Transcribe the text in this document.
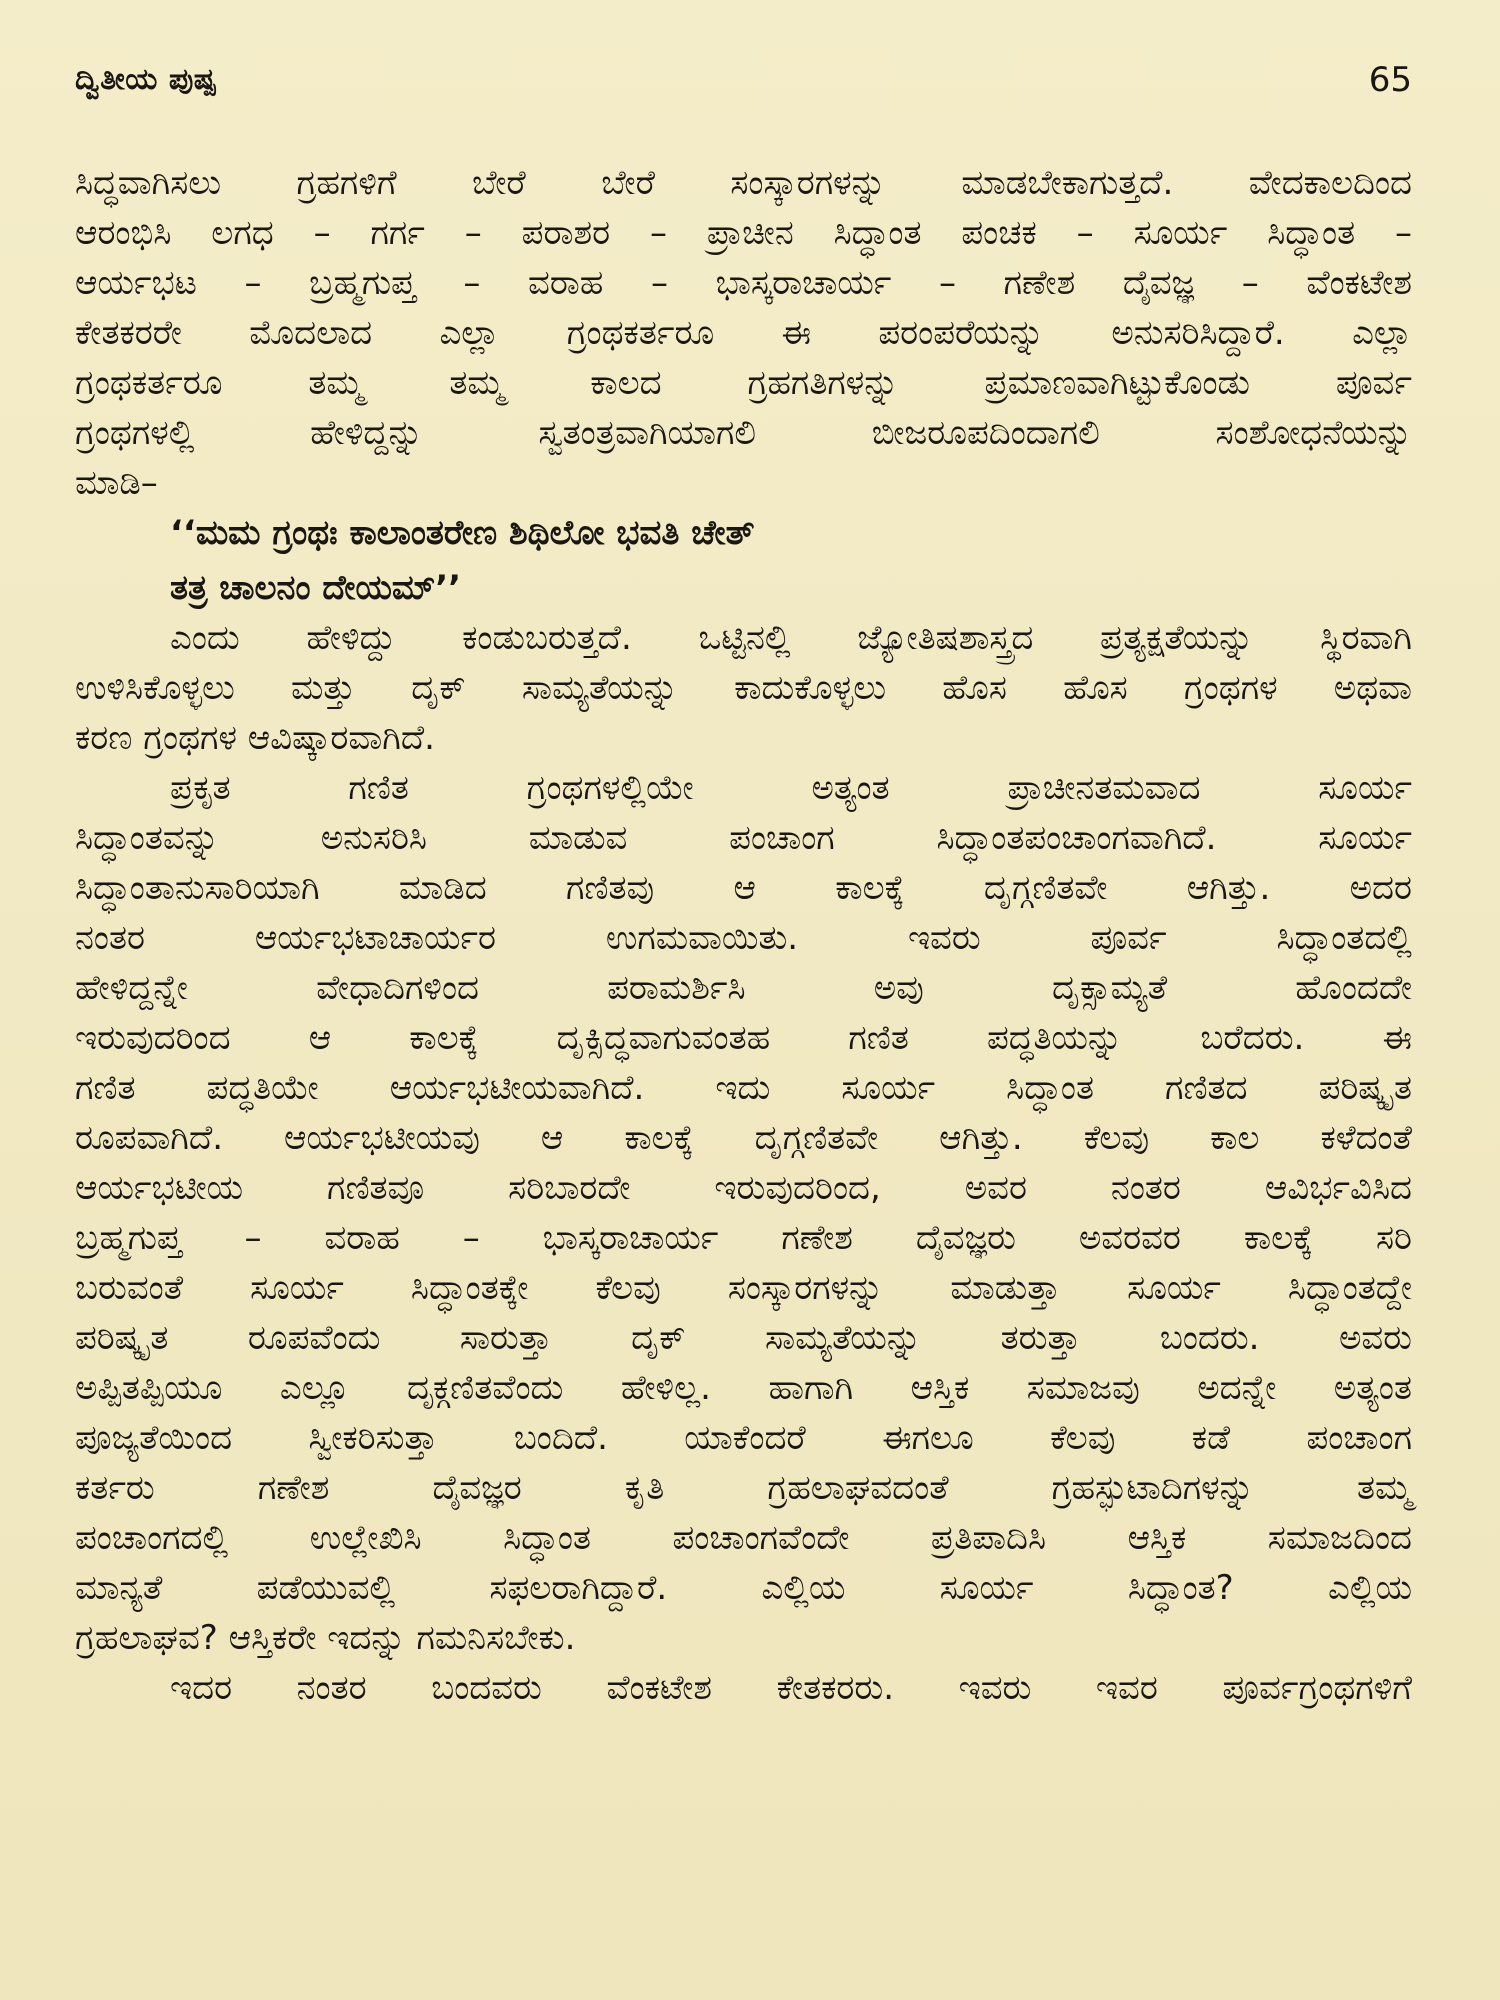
ದ್ವಿತೀಯ ಪುಷ್ಪ	65
ಸಿದ್ಧವಾಗಿಸಲು ಗ್ರಹಗಳಿಗೆ ಬೇರೆ ಬೇರೆ ಸಂಸ್ಕಾರಗಳನ್ನು ಮಾಡಬೇಕಾಗುತ್ತದೆ. ವೇದಕಾಲದಿಂದ
ಆರಂಭಿಸಿ ಲಗಧ – ಗರ್ಗ – ಪರಾಶರ – ಪ್ರಾಚೀನ ಸಿದ್ಧಾಂತ ಪಂಚಕ – ಸೂರ್ಯ ಸಿದ್ಧಾಂತ –
ಆರ್ಯಭಟ – ಬ್ರಹ್ಮಗುಪ್ತ – ವರಾಹ – ಭಾಸ್ಕರಾಚಾರ್ಯ – ಗಣೇಶ ದೈವಜ್ಞ – ವೆಂಕಟೇಶ
ಕೇತಕರರೇ ಮೊದಲಾದ ಎಲ್ಲಾ ಗ್ರಂಥಕರ್ತರೂ ಈ ಪರಂಪರೆಯನ್ನು ಅನುಸರಿಸಿದ್ದಾರೆ. ಎಲ್ಲಾ
ಗ್ರಂಥಕರ್ತರೂ ತಮ್ಮ ತಮ್ಮ ಕಾಲದ ಗ್ರಹಗತಿಗಳನ್ನು ಪ್ರಮಾಣವಾಗಿಟ್ಟುಕೊಂಡು ಪೂರ್ವ
ಗ್ರಂಥಗಳಲ್ಲಿ ಹೇಳಿದ್ದನ್ನು ಸ್ವತಂತ್ರವಾಗಿಯಾಗಲಿ ಬೀಜರೂಪದಿಂದಾಗಲಿ ಸಂಶೋಧನೆಯನ್ನು
ಮಾಡಿ–
‘‘ಮಮ ಗ್ರಂಥಃ ಕಾಲಾಂತರೇಣ ಶಿಥಿಲೋ ಭವತಿ ಚೇತ್
ತತ್ರ ಚಾಲನಂ ದೇಯಮ್’’
ಎಂದು ಹೇಳಿದ್ದು ಕಂಡುಬರುತ್ತದೆ. ಒಟ್ಟಿನಲ್ಲಿ ಜ್ಯೋತಿಷಶಾಸ್ತ್ರದ ಪ್ರತ್ಯಕ್ಷತೆಯನ್ನು ಸ್ಥಿರವಾಗಿ
ಉಳಿಸಿಕೊಳ್ಳಲು ಮತ್ತು ದೃಕ್ ಸಾಮ್ಯತೆಯನ್ನು ಕಾದುಕೊಳ್ಳಲು ಹೊಸ ಹೊಸ ಗ್ರಂಥಗಳ ಅಥವಾ
ಕರಣ ಗ್ರಂಥಗಳ ಆವಿಷ್ಕಾರವಾಗಿದೆ.
ಪ್ರಕೃತ ಗಣಿತ ಗ್ರಂಥಗಳಲ್ಲಿಯೇ ಅತ್ಯಂತ ಪ್ರಾಚೀನತಮವಾದ ಸೂರ್ಯ
ಸಿದ್ಧಾಂತವನ್ನು ಅನುಸರಿಸಿ ಮಾಡುವ ಪಂಚಾಂಗ ಸಿದ್ಧಾಂತಪಂಚಾಂಗವಾಗಿದೆ. ಸೂರ್ಯ
ಸಿದ್ಧಾಂತಾನುಸಾರಿಯಾಗಿ ಮಾಡಿದ ಗಣಿತವು ಆ ಕಾಲಕ್ಕೆ ದೃಗ್ಗಣಿತವೇ ಆಗಿತ್ತು. ಅದರ
ನಂತರ ಆರ್ಯಭಟಾಚಾರ್ಯರ ಉಗಮವಾಯಿತು. ಇವರು ಪೂರ್ವ ಸಿದ್ಧಾಂತದಲ್ಲಿ
ಹೇಳಿದ್ದನ್ನೇ ವೇಧಾದಿಗಳಿಂದ ಪರಾಮರ್ಶಿಸಿ ಅವು ದೃಕ್ಸಾಮ್ಯತೆ ಹೊಂದದೇ
ಇರುವುದರಿಂದ ಆ ಕಾಲಕ್ಕೆ ದೃಕ್ಸಿದ್ಧವಾಗುವಂತಹ ಗಣಿತ ಪದ್ಧತಿಯನ್ನು ಬರೆದರು. ಈ
ಗಣಿತ ಪದ್ಧತಿಯೇ ಆರ್ಯಭಟೀಯವಾಗಿದೆ. ಇದು ಸೂರ್ಯ ಸಿದ್ಧಾಂತ ಗಣಿತದ ಪರಿಷ್ಕೃತ
ರೂಪವಾಗಿದೆ. ಆರ್ಯಭಟೀಯವು ಆ ಕಾಲಕ್ಕೆ ದೃಗ್ಗಣಿತವೇ ಆಗಿತ್ತು. ಕೆಲವು ಕಾಲ ಕಳೆದಂತೆ
ಆರ್ಯಭಟೀಯ ಗಣಿತವೂ ಸರಿಬಾರದೇ ಇರುವುದರಿಂದ, ಅವರ ನಂತರ ಆವಿರ್ಭವಿಸಿದ
ಬ್ರಹ್ಮಗುಪ್ತ – ವರಾಹ – ಭಾಸ್ಕರಾಚಾರ್ಯ ಗಣೇಶ ದೈವಜ್ಞರು ಅವರವರ ಕಾಲಕ್ಕೆ ಸರಿ
ಬರುವಂತೆ ಸೂರ್ಯ ಸಿದ್ಧಾಂತಕ್ಕೇ ಕೆಲವು ಸಂಸ್ಕಾರಗಳನ್ನು ಮಾಡುತ್ತಾ ಸೂರ್ಯ ಸಿದ್ಧಾಂತದ್ದೇ
ಪರಿಷ್ಕೃತ ರೂಪವೆಂದು ಸಾರುತ್ತಾ ದೃಕ್ ಸಾಮ್ಯತೆಯನ್ನು ತರುತ್ತಾ ಬಂದರು. ಅವರು
ಅಪ್ಪಿತಪ್ಪಿಯೂ ಎಲ್ಲೂ ದೃಕ್ಗಣಿತವೆಂದು ಹೇಳಿಲ್ಲ. ಹಾಗಾಗಿ ಆಸ್ತಿಕ ಸಮಾಜವು ಅದನ್ನೇ ಅತ್ಯಂತ
ಪೂಜ್ಯತೆಯಿಂದ ಸ್ವೀಕರಿಸುತ್ತಾ ಬಂದಿದೆ. ಯಾಕೆಂದರೆ ಈಗಲೂ ಕೆಲವು ಕಡೆ ಪಂಚಾಂಗ
ಕರ್ತರು ಗಣೇಶ ದೈವಜ್ಞರ ಕೃತಿ ಗ್ರಹಲಾಘವದಂತೆ ಗ್ರಹಸ್ಫುಟಾದಿಗಳನ್ನು ತಮ್ಮ
ಪಂಚಾಂಗದಲ್ಲಿ ಉಲ್ಲೇಖಿಸಿ ಸಿದ್ಧಾಂತ ಪಂಚಾಂಗವೆಂದೇ ಪ್ರತಿಪಾದಿಸಿ ಆಸ್ತಿಕ ಸಮಾಜದಿಂದ
ಮಾನ್ಯತೆ ಪಡೆಯುವಲ್ಲಿ ಸಫಲರಾಗಿದ್ದಾರೆ. ಎಲ್ಲಿಯ ಸೂರ್ಯ ಸಿದ್ಧಾಂತ? ಎಲ್ಲಿಯ
ಗ್ರಹಲಾಘವ? ಆಸ್ತಿಕರೇ ಇದನ್ನು ಗಮನಿಸಬೇಕು.
ಇದರ ನಂತರ ಬಂದವರು ವೆಂಕಟೇಶ ಕೇತಕರರು. ಇವರು ಇವರ ಪೂರ್ವಗ್ರಂಥಗಳಿಗೆ
